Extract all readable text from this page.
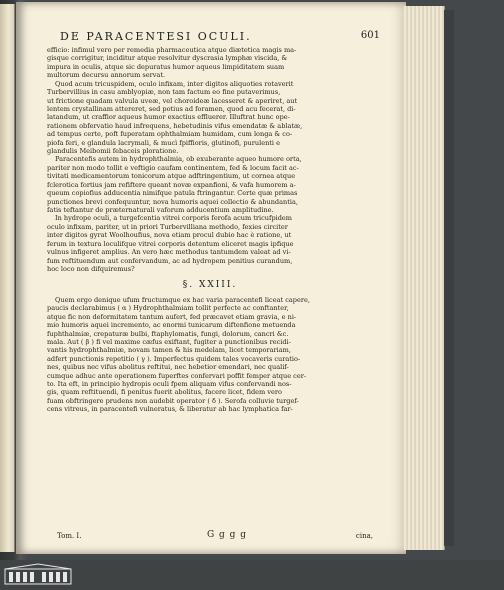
DE PARACENTESI OCULI.	601

efficio: infimul vero per remedia pharmaceutica atque diætetica magis ma-
gisque corrigitur, inciditur atque resolvitur dyscrasia lymphæ viscida, &
impura in oculis, atque sic depuratus humor aqueus limpiditatem suam
multorum decursu annorum servat.

Quod acum tricuspidem, oculo infixam, inter digitos aliquoties rotaverit
Turbervillius in casu amblyopiæ, non tam factum eo fine putaverimus,
ut frictione quadam valvula uveæ, vel choroideæ lacesseret & aperiret, aut
lentem crystallinam attereret, sed potius ad foramen, quod acu fecerat, di-
latandum, ut craffior aqueus humor exactius effluerer. Illuftrat hunc ope-
rationem obfervatio haud infrequens, hebetudinis vifus emendatæ & ablatæ,
ad tempus certe, poft fuperatam ophthalmiam humidam, cum longa & co-
piofa feri, e glandula lacrymali, & mucì fpiffioris, glutinofi, purulenti e
glandulis Meibomii febaceis ploratione.

Paracentefis autem in hydrophthalmia, ob exuberante aqueo humore orta,
pariter non modo tollit e veftigio caufam continentem, fed & locum facit ac-
tivitati medicamentorum tonicorum atque adftringentium, ut cornea atque
fclerotica fortius jam refiftere queant novæ expanfioni, & vafa humorem a-
queum copiofius adducentia nimifque patula ftringantur. Certe quæ primas
punctiones brevi confequuntur, nova humoris aquei collectio & abundantia,
fatis teftantur de præternaturali vaforum adducentium amplitudine.

In hydrope oculi, a turgefcentia vitrei corporis ferofa acum tricufpidem
oculo infixam, pariter, ut in priori Turbervilliana methodo, fexies circiter
inter digitos gyrat Woolhoufius, nova etiam procul dubio hac è ratione, ut
ferum in textura loculifque vitrei corporis detentum eliceret magis ipfique
vulnus infigeret amplius. An vero hæc methodus tantumdem valeat ad vi-
fum reftituendum aut confervandum, ac ad hydropem penitius curandum,
hoc loco non difquiremus?

§. XXIII.

Quem ergo denique ufum fructumque ex hac varia paracentefi liceat capere,
paucis declarabimus ( α ) Hydrophthalmiam tollit perfecte ac conftanter,
atque fic non deformitatem tantum aufert, fed præcavet etiam gravia, e ni-
mio humoris aquei incremento, ac enormi tunicarum diftenfione metuenda
fuphthalmiæ, crepaturæ bulbi, ftaphylomatis, fungi, dolorum, cancri &c.
mala. Aut ( β ) fi vel maxime cæfus exiftant, fugiter a punctionibus recidi-
vantis hydrophthalmiæ, novam tamen & his medelam, licet temporariam,
adfert punctionis repetitio ( γ ). Imperfectus quidem tales vocaveris curatio-
nes, quibus nec vifus abolitus reftitui, nec hebetior emendari, nec qualif-
cumque adhuc ante operationem fuperftes confervari poffit femper atque cer-
to. Ita eft, in principio hydropis oculi fpem aliquam vifus confervandi nos-
gis, quam reftituendi, fi penitus fuerit abolitus, facere licet, fidem vero
fuam obftringere prudens non audebit operator ( δ ). Serofa colluvie turgef-
cens vitreus, in paracentefi vulneratus, & liberatur ab hac lymphatica far-

Tom. I.	G g g g	cina,
